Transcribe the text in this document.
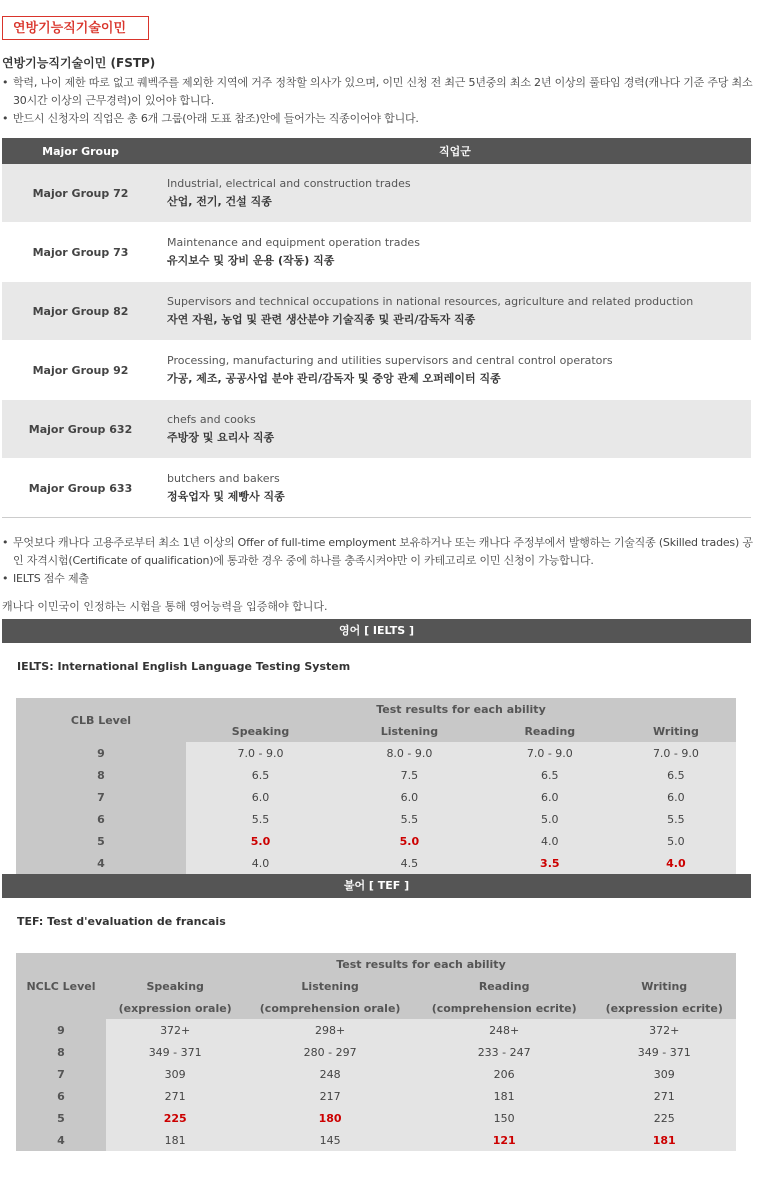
연방기능직기술이민
연방기능직기술이민 (FSTP)
• 학력, 나이 제한 따로 없고 퀘벡주를 제외한 지역에 거주 정착할 의사가 있으며, 이민 신청 전 최근 5년중의 최소 2년 이상의 풀타임 경력(캐나다 기준 주당 최소 30시간 이상의 근무경력)이 있어야 합니다.
• 반드시 신청자의 직업은 총 6개 그룹(아래 도표 참조)안에 들어가는 직종이어야 합니다.
Major Group	직업군
Major Group 72	Industrial, electrical and construction trades
산업, 전기, 건설 직종

Major Group 73	Maintenance and equipment operation trades
유지보수 및 장비 운용 (작동) 직종

Major Group 82	Supervisors and technical occupations in national resources, agriculture and related production
자연 자원, 농업 및 관련 생산분야 기술직종 및 관리/감독자 직종

Major Group 92	Processing, manufacturing and utilities supervisors and central control operators
가공, 제조, 공공사업 분야 관리/감독자 및 중앙 관제 오퍼레이터 직종

Major Group 632	chefs and cooks
주방장 및 요리사 직종

Major Group 633	butchers and bakers
정육업자 및 제빵사 직종
• 무엇보다 캐나다 고용주로부터 최소 1년 이상의 Offer of full-time employment 보유하거나 또는 캐나다 주정부에서 발행하는 기술직종 (Skilled trades) 공인 자격시험(Certificate of qualification)에 통과한 경우 중에 하나를 충족시켜야만 이 카테고리로 이민 신청이 가능합니다.
• IELTS 점수 제출
캐나다 이민국이 인정하는 시험을 통해 영어능력을 입증해야 합니다.
영어 [ IELTS ]
IELTS: International English Language Testing System
CLB Level	Test results for each ability			
	Speaking	Listening	Reading	Writing
9	7.0 - 9.0	8.0 - 9.0	7.0 - 9.0	7.0 - 9.0
8	6.5	7.5	6.5	6.5
7	6.0	6.0	6.0	6.0
6	5.5	5.5	5.0	5.5
5	5.0	5.0	4.0	5.0
4	4.0	4.5	3.5	4.0
불어 [ TEF ]
TEF: Test d'evaluation de francais
NCLC Level	Test results for each ability			
	Speaking	Listening	Reading	Writing
	(expression orale)	(comprehension orale)	(comprehension ecrite)	(expression ecrite)
9	372+	298+	248+	372+
8	349 - 371	280 - 297	233 - 247	349 - 371
7	309	248	206	309
6	271	217	181	271
5	225	180	150	225
4	181	145	121	181
